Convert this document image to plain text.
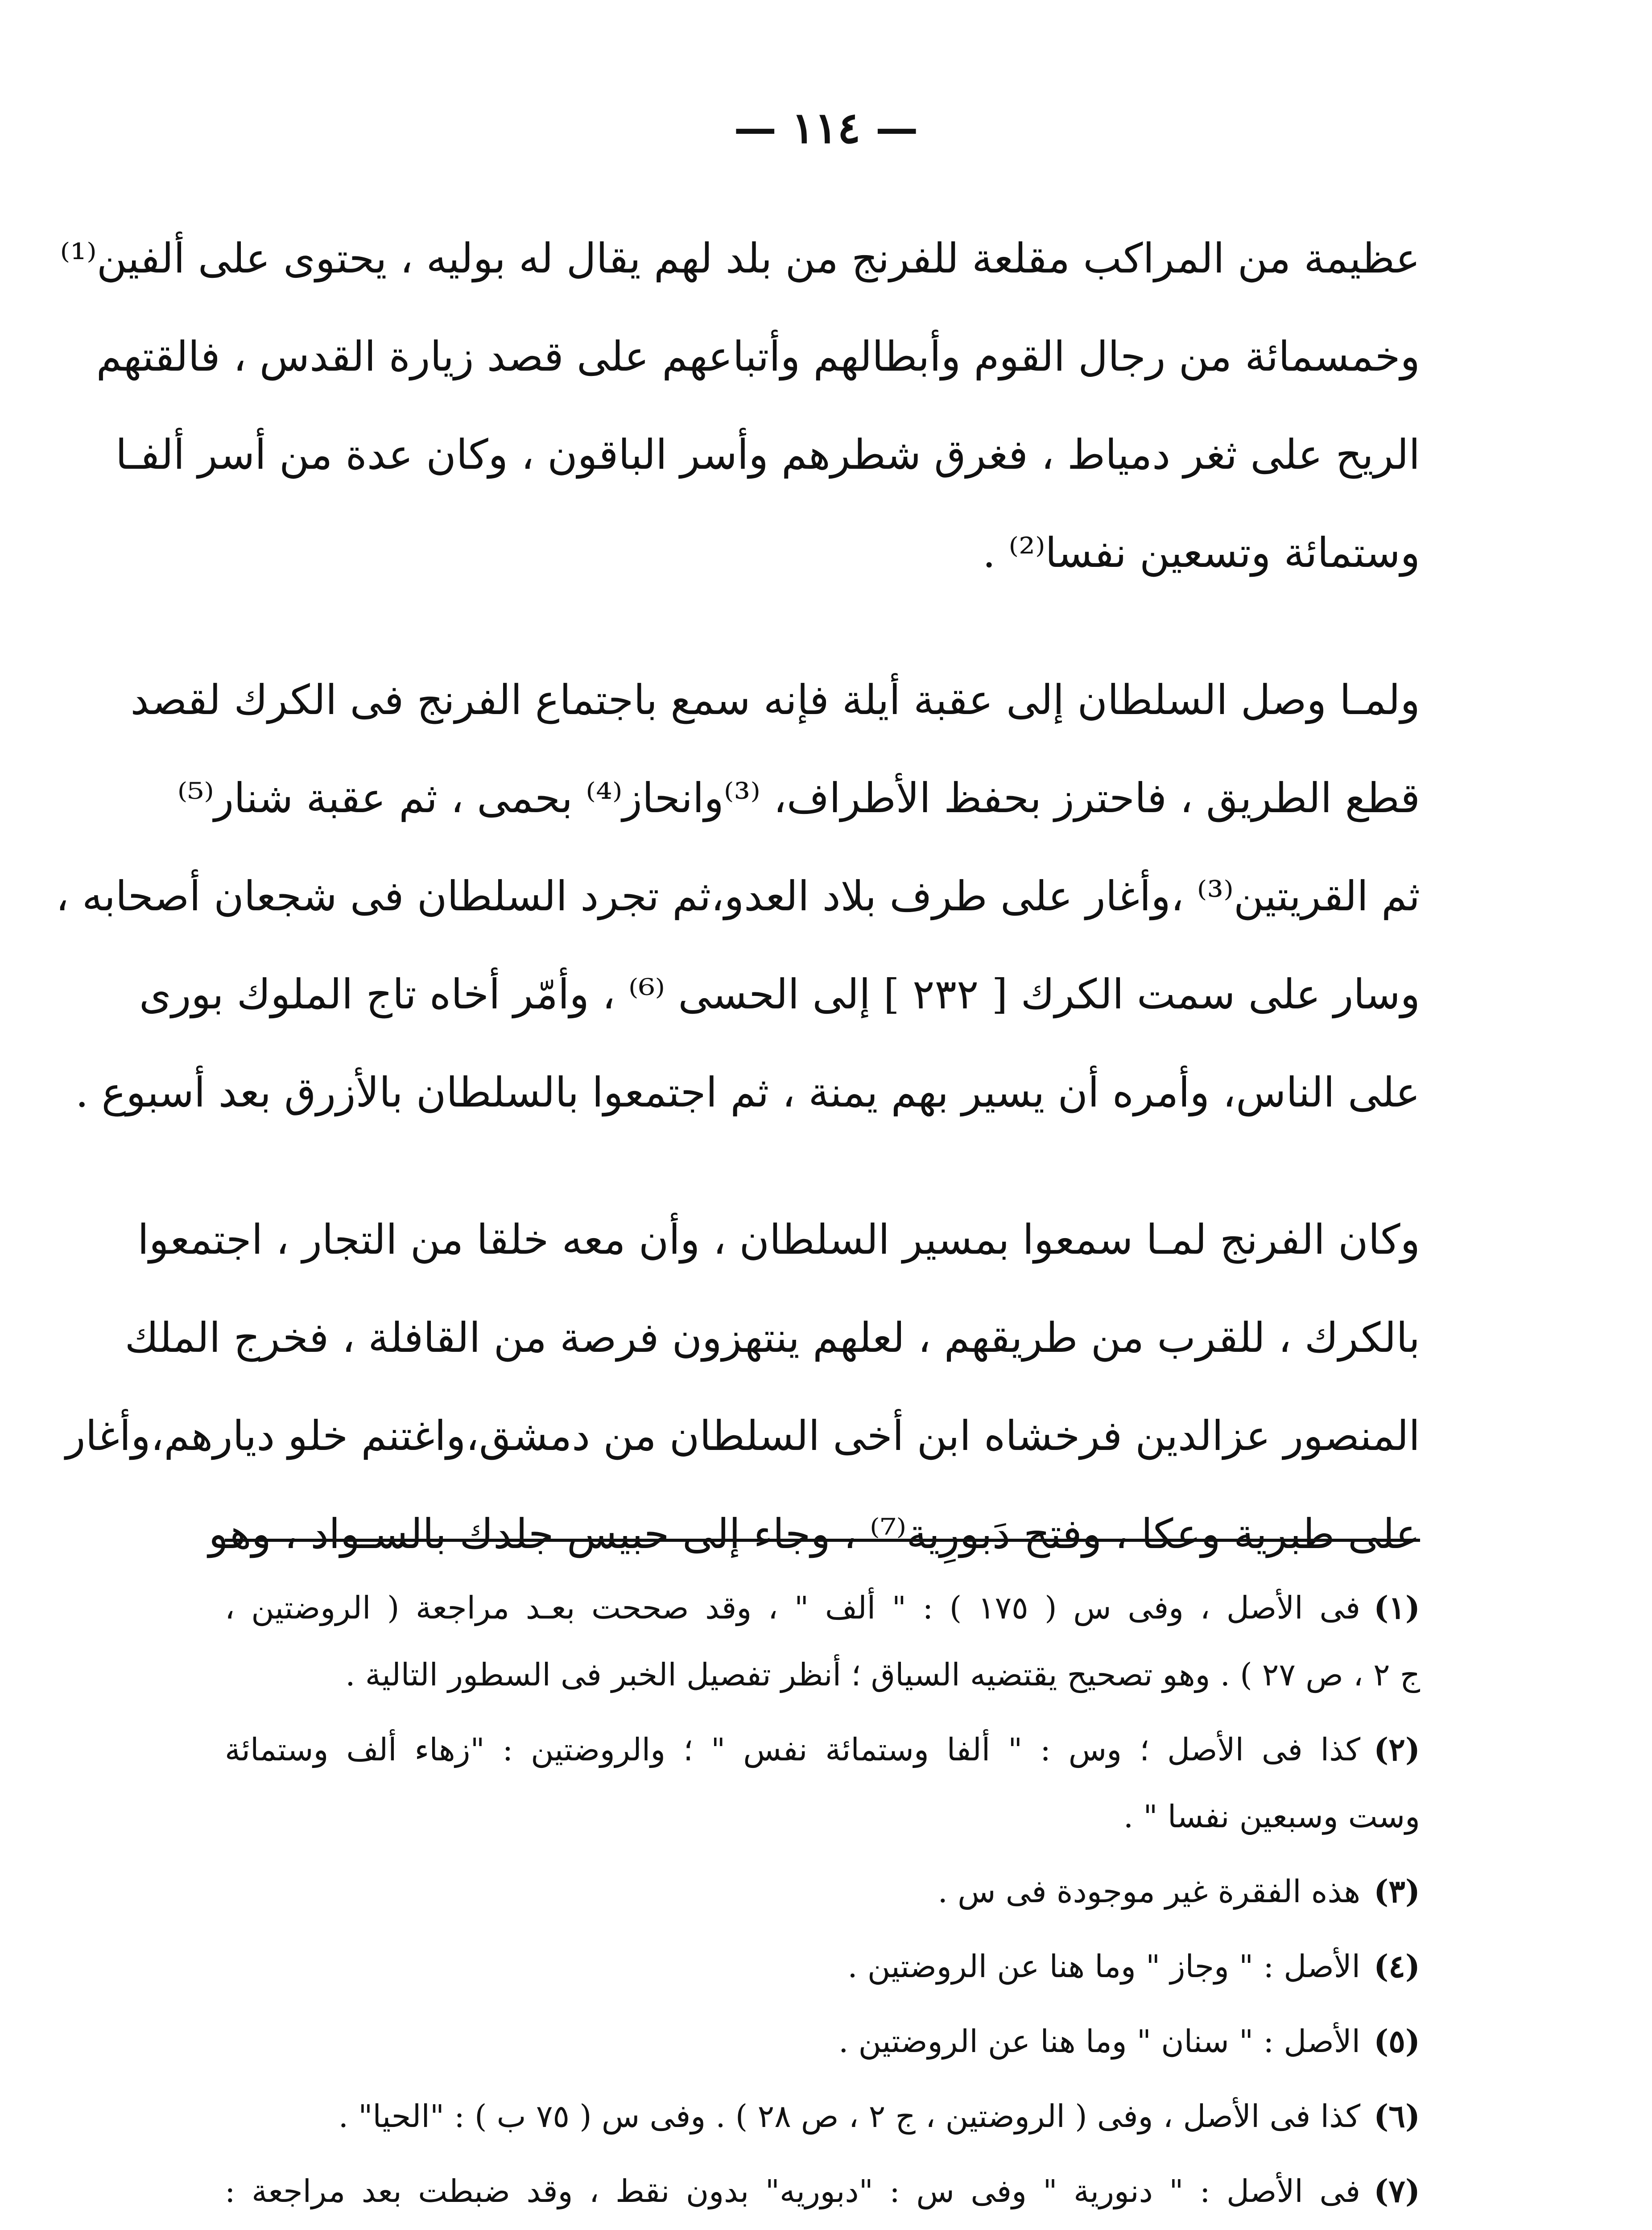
— ١١٤ —

عظيمة من المراكب مقلعة للفرنج من بلد لهم يقال له بوليه ، يحتوى على ألفين⁽¹⁾
وخمسمائة من رجال القوم وأبطالهم وأتباعهم على قصد زيارة القدس ، فالقتهم
الريح على ثغر دمياط ، فغرق شطرهم وأسر الباقون ، وكان عدة من أسر ألفـا
وستمائة وتسعين نفسا⁽²⁾ .

ولمـا وصل السلطان إلى عقبة أيلة فإنه سمع باجتماع الفرنج فى الكرك لقصد
قطع الطريق ، فاحترز بحفظ الأطراف، ⁽³⁾وانحاز⁽⁴⁾ بحمى ، ثم عقبة شنار⁽⁵⁾
ثم القريتين⁽³⁾ ،وأغار على طرف بلاد العدو،ثم تجرد السلطان فى شجعان أصحابه ،
وسار على سمت الكرك [ ٢٣٢ ] إلى الحسى ⁽⁶⁾ ، وأمّر أخاه تاج الملوك بورى
على الناس، وأمره أن يسير بهم يمنة ، ثم اجتمعوا بالسلطان بالأزرق بعد أسبوع .

وكان الفرنج لمـا سمعوا بمسير السلطان ، وأن معه خلقا من التجار ، اجتمعوا
بالكرك ، للقرب من طريقهم ، لعلهم ينتهزون فرصة من القافلة ، فخرج الملك
المنصور عزالدين فرخشاه ابن أخى السلطان من دمشق،واغتنم خلو ديارهم،وأغار
على طبرية وعكا ، وفتح دَبورِية⁽⁷⁾ ، وجاء إلى حبيس جلدك بالسـواد ، وهو

(١)فى الأصل ، وفى س ( ١٧٥ ) : " ألف " ، وقد صححت بعـد مراجعة ( الروضتين ،
ج ٢ ، ص ٢٧ ) . وهو تصحيح يقتضيه السياق ؛ أنظر تفصيل الخبر فى السطور التالية .
(٢)كذا فى الأصل ؛ وس : " ألفا وستمائة نفس " ؛ والروضتين : "زهاء ألف وستمائة
وست وسبعين نفسا " .
(٣)هذه الفقرة غير موجودة فى س .
(٤)الأصل : " وجاز " وما هنا عن الروضتين .
(٥)الأصل : " سنان " وما هنا عن الروضتين .
(٦)كذا فى الأصل ، وفى ( الروضتين ، ج ٢ ، ص ٢٨ ) . وفى س ( ٧٥ ب ) : "الحيا" .
(٧)فى الأصل : " دنورية " وفى س : "دبوريه" بدون نقط ، وقد ضبطت بعد مراجعة :
